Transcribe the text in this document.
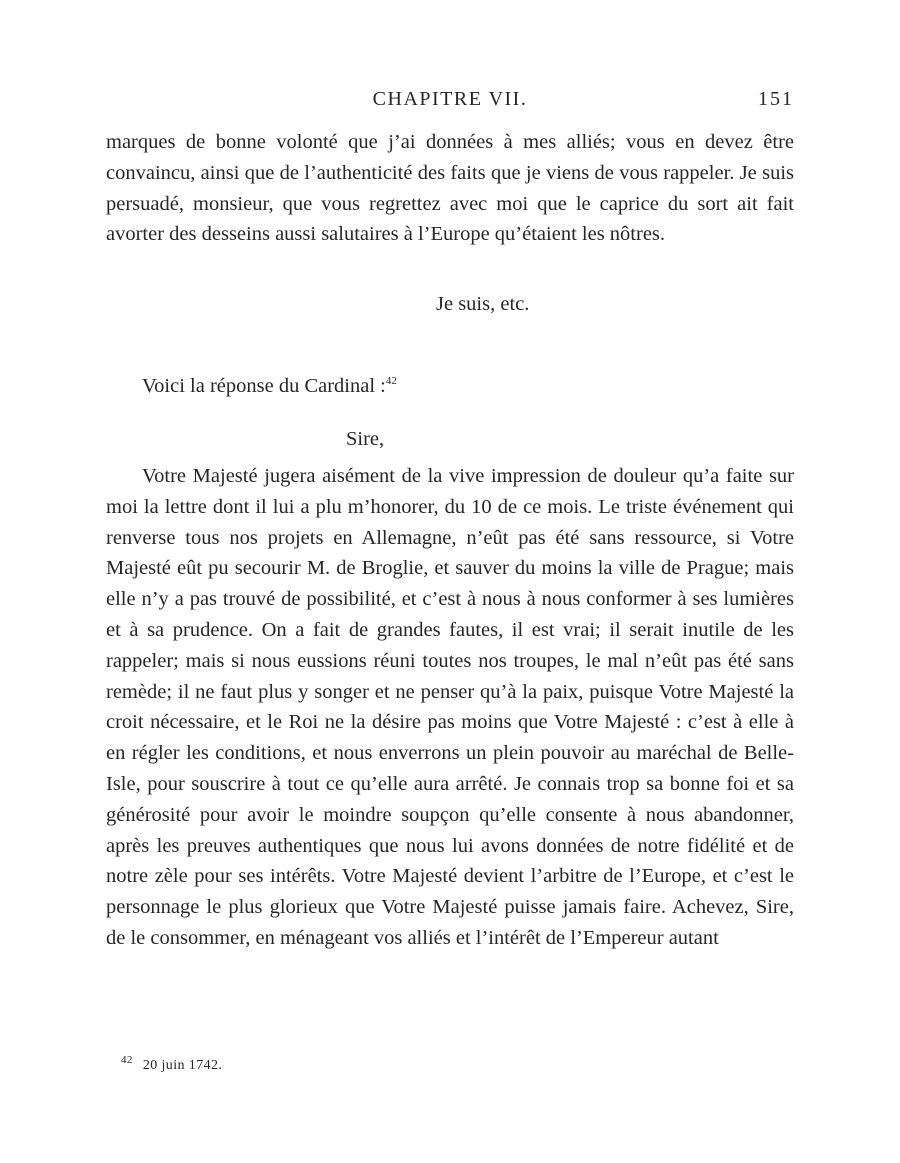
CHAPITRE VII.	151

marques de bonne volonté que j’ai données à mes alliés; vous en devez être convaincu, ainsi que de l’authenticité des faits que je viens de vous rappeler. Je suis persuadé, monsieur, que vous regrettez avec moi que le caprice du sort ait fait avorter des desseins aussi salutaires à l’Europe qu’étaient les nôtres.

Je suis, etc.
Voici la réponse du Cardinal :$^{42}$
Sire,

Votre Majesté jugera aisément de la vive impression de douleur qu’a faite sur moi la lettre dont il lui a plu m’honorer, du 10 de ce mois. Le triste événement qui renverse tous nos projets en Allemagne, n’eût pas été sans ressource, si Votre Majesté eût pu secourir M. de Broglie, et sauver du moins la ville de Prague; mais elle n’y a pas trouvé de possibilité, et c’est à nous à nous conformer à ses lumières et à sa prudence. On a fait de grandes fautes, il est vrai; il serait inutile de les rappeler; mais si nous eussions réuni toutes nos troupes, le mal n’eût pas été sans remède; il ne faut plus y songer et ne penser qu’à la paix, puisque Votre Majesté la croit nécessaire, et le Roi ne la désire pas moins que Votre Majesté : c’est à elle à en régler les conditions, et nous enverrons un plein pouvoir au maréchal de Belle-Isle, pour souscrire à tout ce qu’elle aura arrêté. Je connais trop sa bonne foi et sa générosité pour avoir le moindre soupçon qu’elle consente à nous abandonner, après les preuves authentiques que nous lui avons données de notre fidélité et de notre zèle pour ses intérêts. Votre Majesté devient l’arbitre de l’Europe, et c’est le personnage le plus glorieux que Votre Majesté puisse jamais faire. Achevez, Sire, de le consommer, en ménageant vos alliés et l’intérêt de l’Empereur autant

$^{42}$ 20 juin 1742.
